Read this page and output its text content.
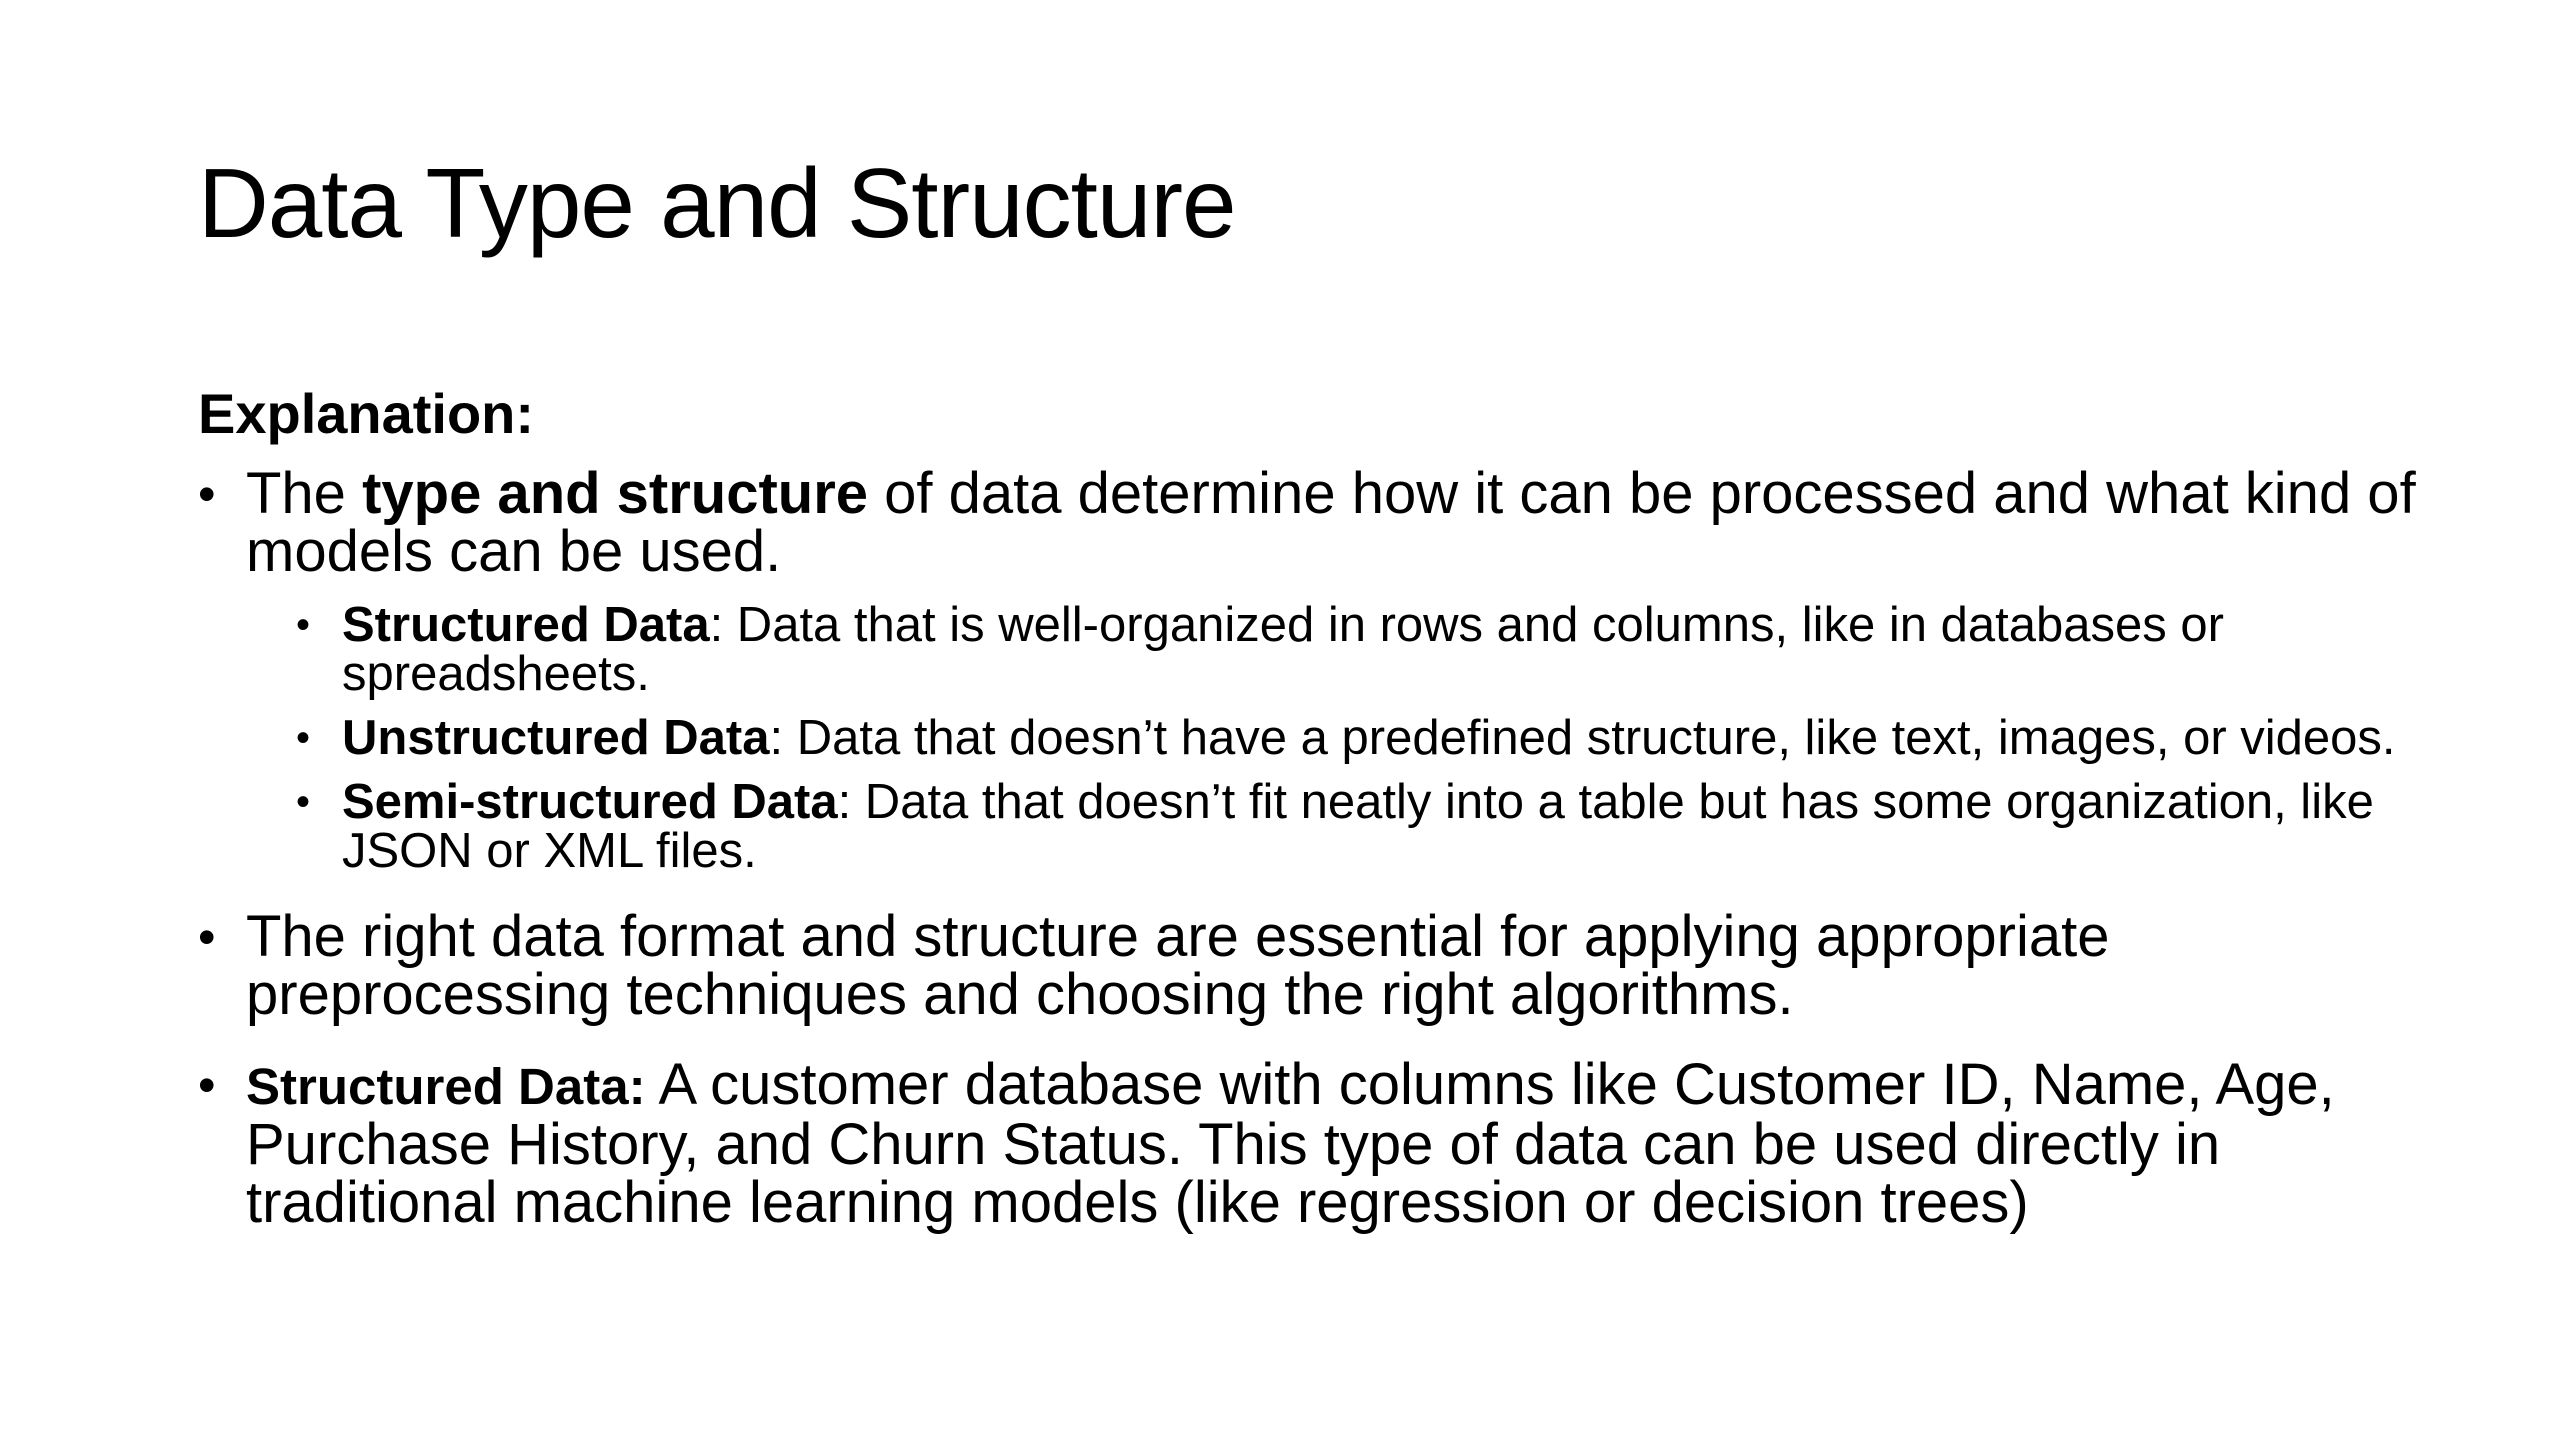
Data Type and Structure

Explanation:

• The type and structure of data determine how it can be processed and what kind of models can be used.
• Structured Data: Data that is well-organized in rows and columns, like in databases or spreadsheets.
• Unstructured Data: Data that doesn’t have a predefined structure, like text, images, or videos.
• Semi-structured Data: Data that doesn’t fit neatly into a table but has some organization, like JSON or XML files.
• The right data format and structure are essential for applying appropriate preprocessing techniques and choosing the right algorithms.
• Structured Data: A customer database with columns like Customer ID, Name, Age, Purchase History, and Churn Status. This type of data can be used directly in traditional machine learning models (like regression or decision trees)
